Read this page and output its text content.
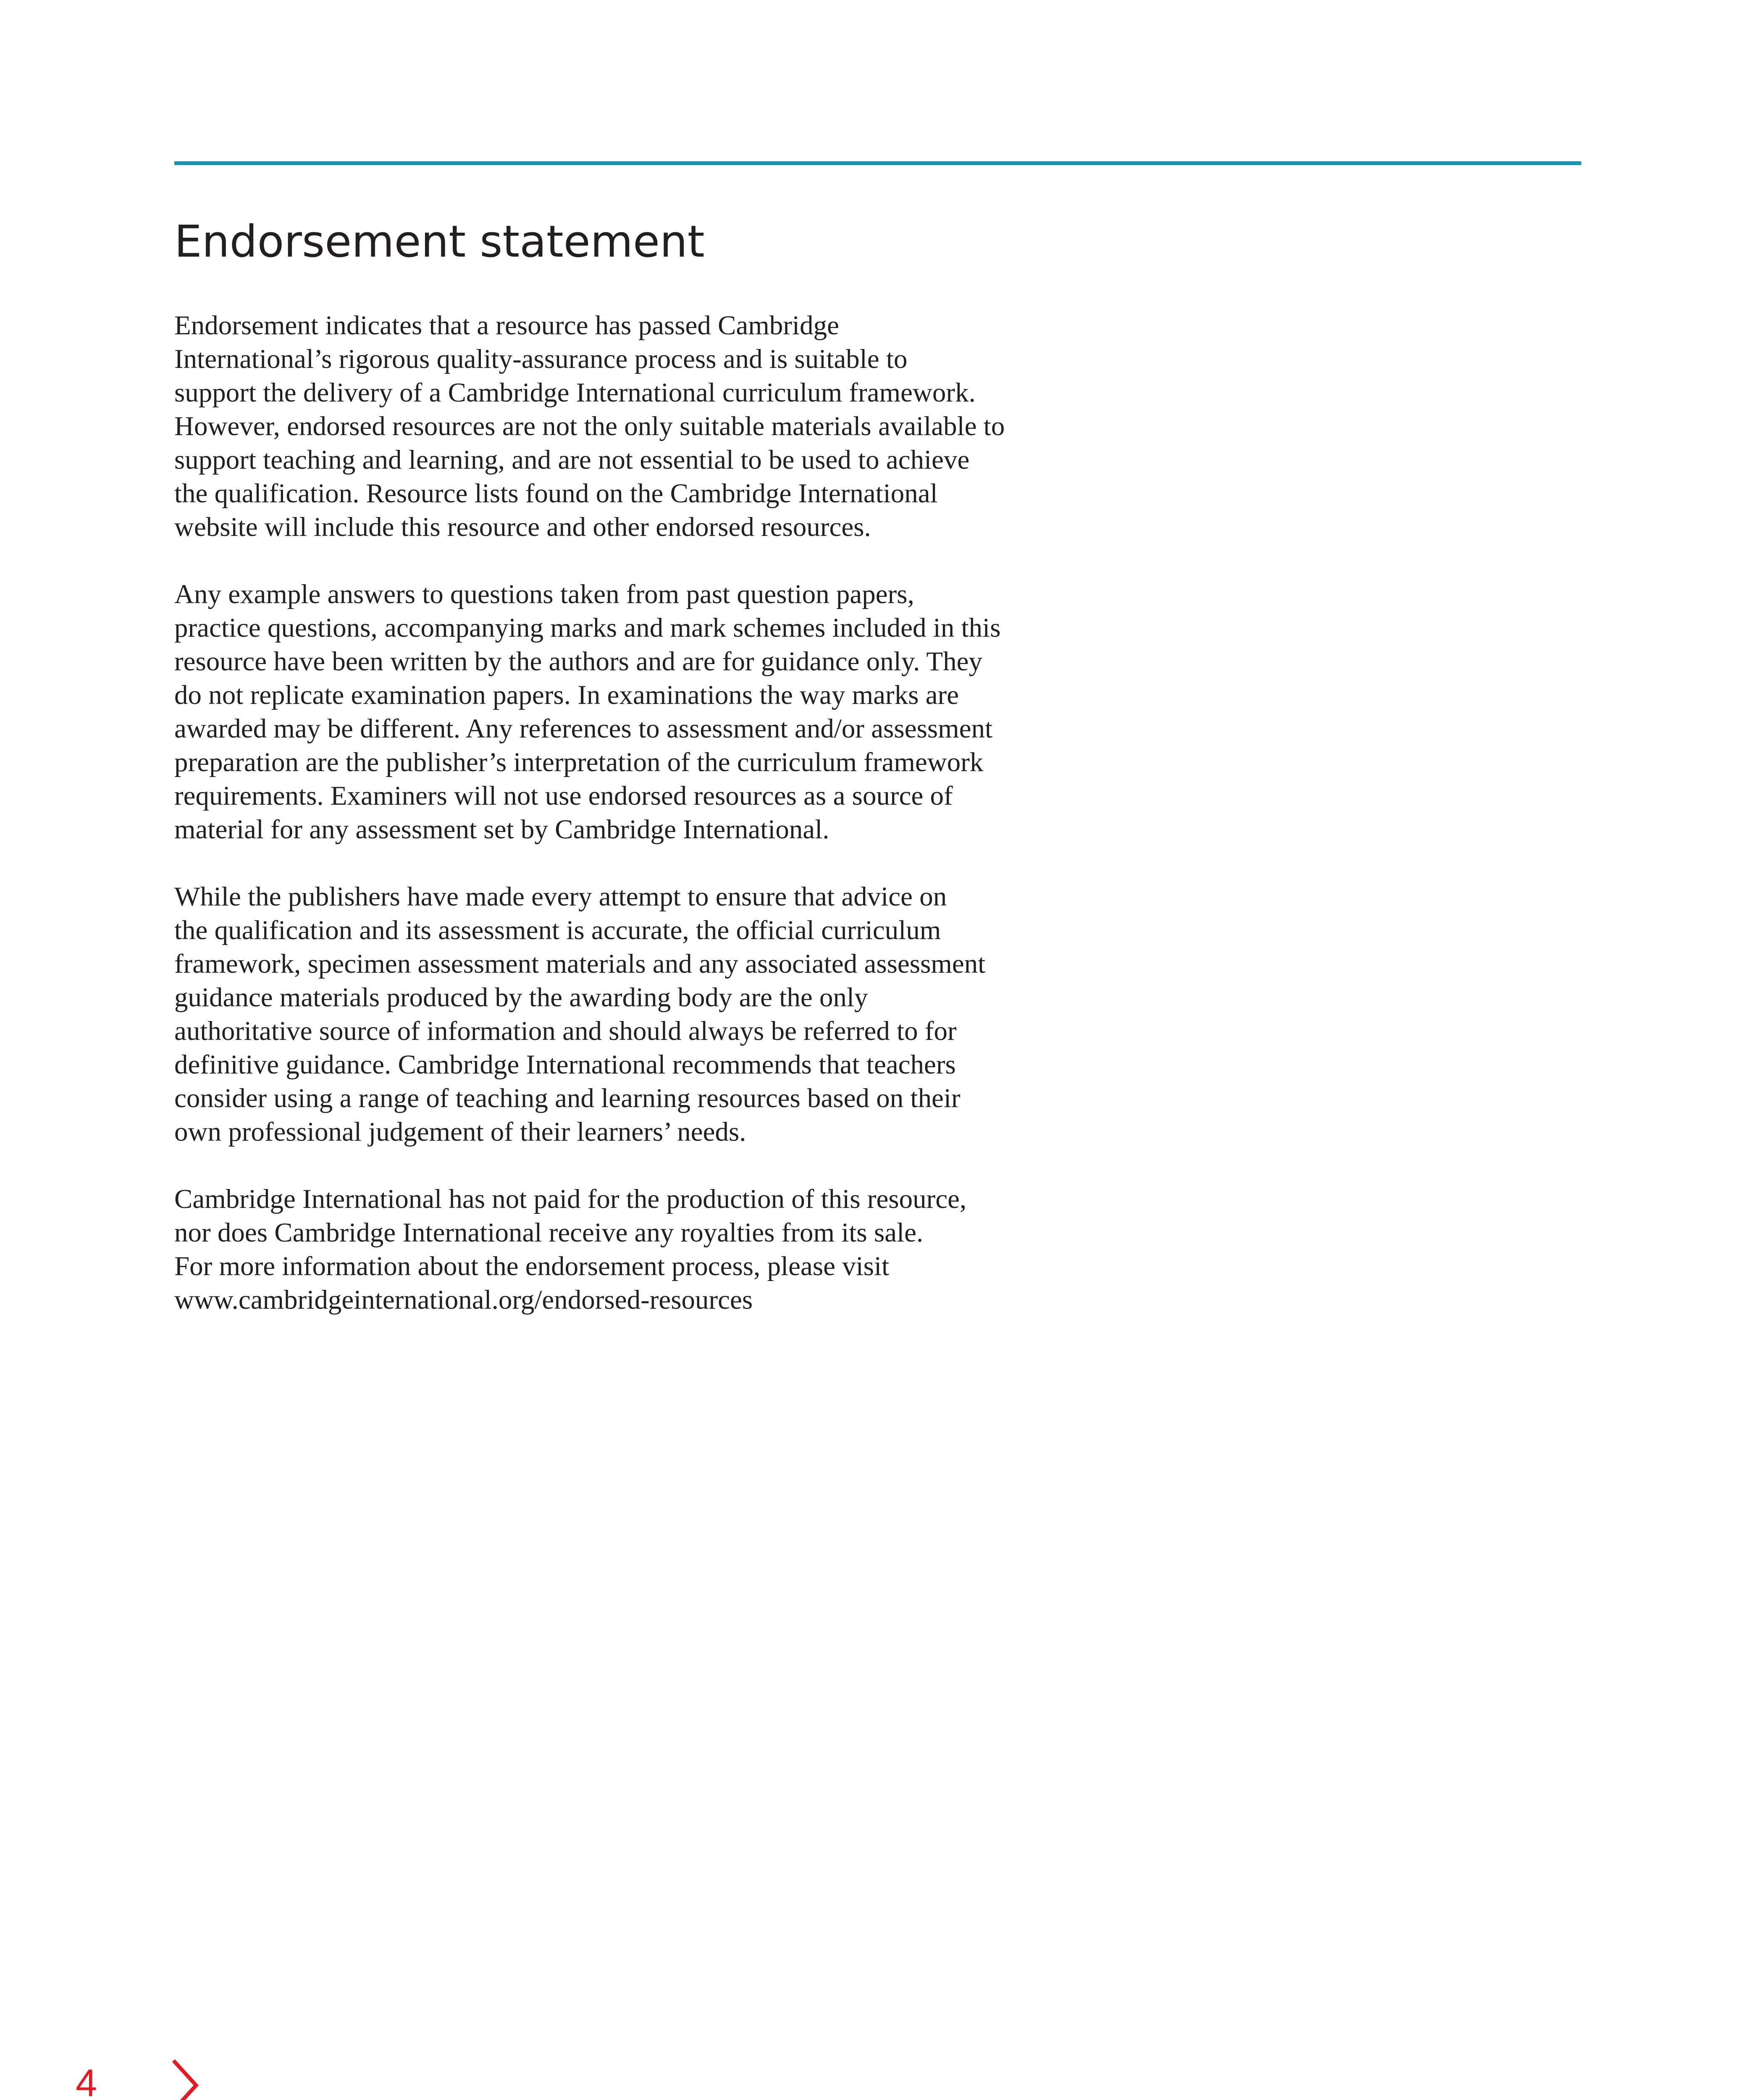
Endorsement statement

Endorsement indicates that a resource has passed Cambridge
International’s rigorous quality-assurance process and is suitable to
support the delivery of a Cambridge International curriculum framework.
However, endorsed resources are not the only suitable materials available to
support teaching and learning, and are not essential to be used to achieve
the qualification. Resource lists found on the Cambridge International
website will include this resource and other endorsed resources.

Any example answers to questions taken from past question papers,
practice questions, accompanying marks and mark schemes included in this
resource have been written by the authors and are for guidance only. They
do not replicate examination papers. In examinations the way marks are
awarded may be different. Any references to assessment and/or assessment
preparation are the publisher’s interpretation of the curriculum framework
requirements. Examiners will not use endorsed resources as a source of
material for any assessment set by Cambridge International.

While the publishers have made every attempt to ensure that advice on
the qualification and its assessment is accurate, the official curriculum
framework, specimen assessment materials and any associated assessment
guidance materials produced by the awarding body are the only
authoritative source of information and should always be referred to for
definitive guidance. Cambridge International recommends that teachers
consider using a range of teaching and learning resources based on their
own professional judgement of their learners’ needs.

Cambridge International has not paid for the production of this resource,
nor does Cambridge International receive any royalties from its sale.
For more information about the endorsement process, please visit
www.cambridgeinternational.org/endorsed-resources

4
